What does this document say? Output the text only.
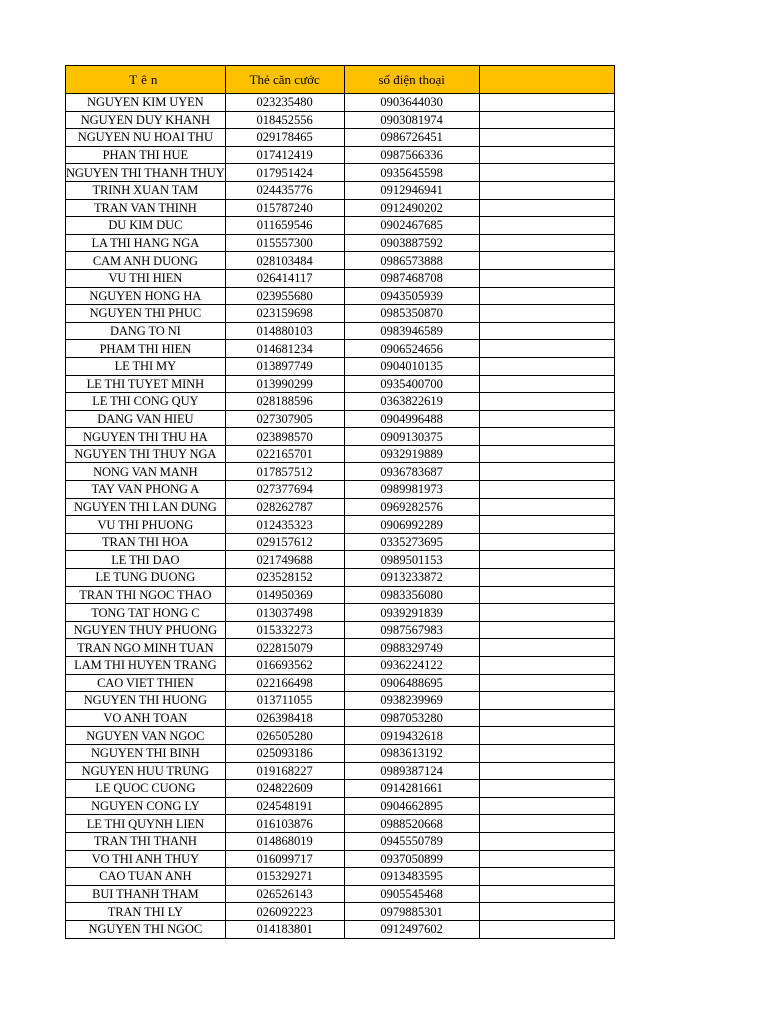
Tên	Thẻ căn cước	số điện thoại	
NGUYEN KIM UYEN	023235480	0903644030	
NGUYEN DUY KHANH	018452556	0903081974	
NGUYEN NU HOAI THU	029178465	0986726451	
PHAN THI HUE	017412419	0987566336	
NGUYEN THI THANH THUY	017951424	0935645598	
TRINH XUAN TAM	024435776	0912946941	
TRAN VAN THINH	015787240	0912490202	
DU KIM DUC	011659546	0902467685	
LA THI HANG NGA	015557300	0903887592	
CAM ANH DUONG	028103484	0986573888	
VU THI HIEN	026414117	0987468708	
NGUYEN HONG HA	023955680	0943505939	
NGUYEN THI PHUC	023159698	0985350870	
DANG TO NI	014880103	0983946589	
PHAM THI HIEN	014681234	0906524656	
LE THI MY	013897749	0904010135	
LE THI TUYET MINH	013990299	0935400700	
LE THI CONG QUY	028188596	0363822619	
DANG VAN HIEU	027307905	0904996488	
NGUYEN THI THU HA	023898570	0909130375	
NGUYEN THI THUY NGA	022165701	0932919889	
NONG VAN MANH	017857512	0936783687	
TAY VAN PHONG A	027377694	0989981973	
NGUYEN THI LAN DUNG	028262787	0969282576	
VU THI PHUONG	012435323	0906992289	
TRAN THI HOA	029157612	0335273695	
LE THI DAO	021749688	0989501153	
LE TUNG DUONG	023528152	0913233872	
TRAN THI NGOC THAO	014950369	0983356080	
TONG TAT HONG C	013037498	0939291839	
NGUYEN THUY PHUONG	015332273	0987567983	
TRAN NGO MINH TUAN	022815079	0988329749	
LAM THI HUYEN TRANG	016693562	0936224122	
CAO VIET THIEN	022166498	0906488695	
NGUYEN THI HUONG	013711055	0938239969	
VO ANH TOAN	026398418	0987053280	
NGUYEN VAN NGOC	026505280	0919432618	
NGUYEN THI BINH	025093186	0983613192	
NGUYEN HUU TRUNG	019168227	0989387124	
LE QUOC CUONG	024822609	0914281661	
NGUYEN CONG LY	024548191	0904662895	
LE THI QUYNH LIEN	016103876	0988520668	
TRAN THI THANH	014868019	0945550789	
VO THI ANH THUY	016099717	0937050899	
CAO TUAN ANH	015329271	0913483595	
BUI THANH THAM	026526143	0905545468	
TRAN THI LY	026092223	0979885301	
NGUYEN THI NGOC	014183801	0912497602	
